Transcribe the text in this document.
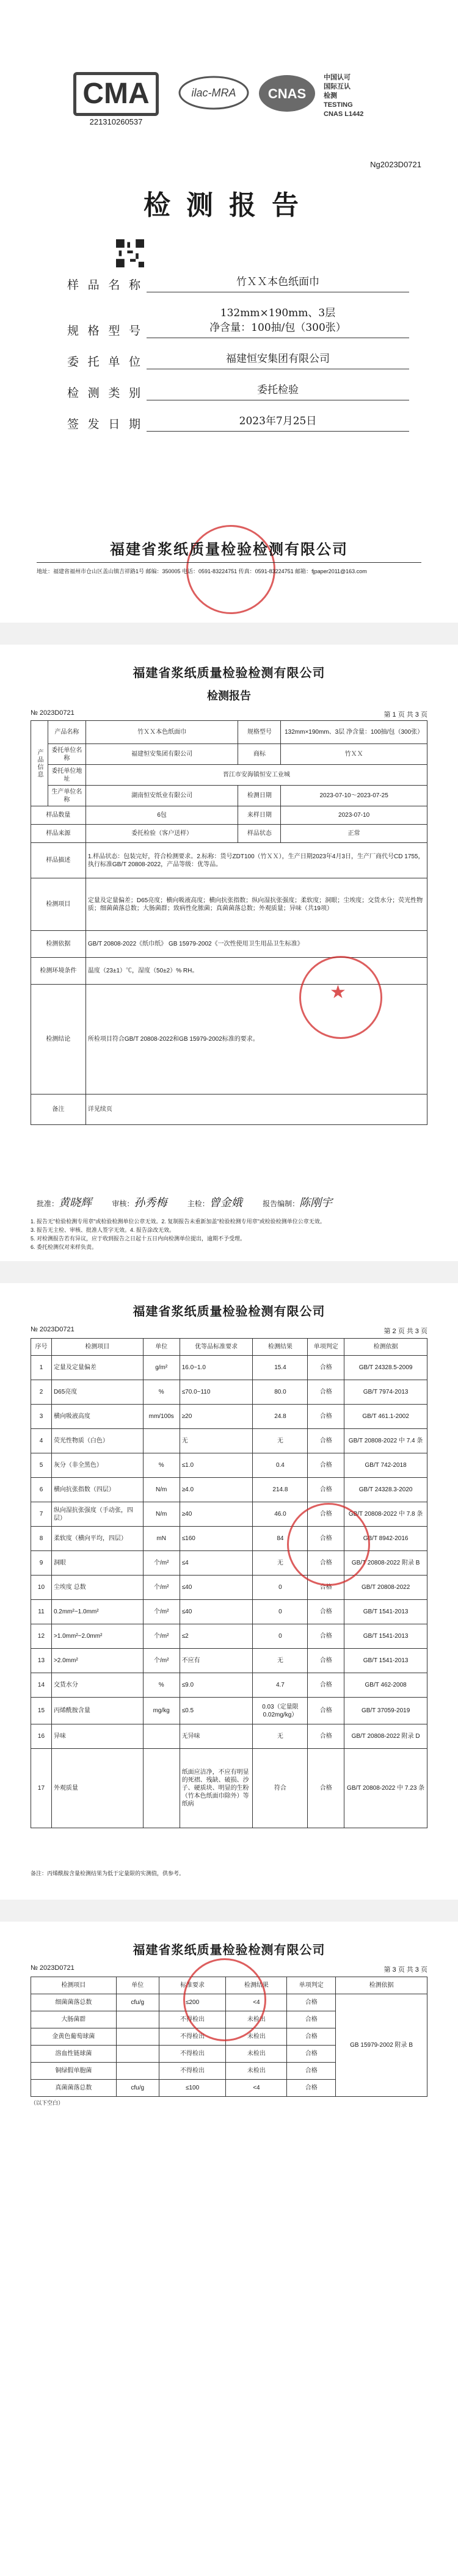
CMA
221310260537
ilac-MRA CNAS
中国认可
国际互认
检测
TESTING
CNAS L1442
Ng2023D0721
检测报告
样品名称	竹ＸＸ本色纸面巾
规格型号
132mm×190mm、3层
净含量：100抽/包（300张）
委托单位	福建恒安集团有限公司
检测类别	委托检验
签发日期	2023年7月25日
福建省浆纸质量检验检测有限公司
地址：福建省福州市仓山区盖山镇吉祥路1号 邮编：350005 电话：0591-83224751 传真：0591-83224751 邮箱：fjpaper2011@163.com
福建省浆纸质量检验检测有限公司
检测报告
№ 2023D0721	第 1 页 共 3 页
产品信息	产品名称	竹ＸＸ本色纸面巾	规格型号	132mm×190mm、3层 净含量：100抽/包（300张）
	委托单位名称	福建恒安集团有限公司	商标	竹ＸＸ
	委托单位地址	晋江市安海镇恒安工业城		
	生产单位名称	湖南恒安纸业有限公司	检测日期	2023-07-10～2023-07-25
样品数量		6包	来样日期	2023-07-10
样品来源		委托检验（客户送样）	样品状态	正常
样品描述		1.样品状态：包装完好，符合检测要求。2.标称：货号ZDT100（竹ＸＸ），生产日期2023年4月3日，生产厂商代号CD 1755，执行标准GB/T 20808-2022，产品等级：优等品。		
检测项目		定量及定量偏差；D65亮度；横向吸液高度；横向抗张指数；纵向湿抗张强度；柔软度；洞眼；尘埃度；交货水分；荧光性物质；细菌菌落总数；大肠菌群；致病性化脓菌；真菌菌落总数；外观质量；异味（共19项）		
检测依据		GB/T 20808-2022《纸巾纸》 GB 15979-2002《一次性使用卫生用品卫生标准》		
检测环境条件		温度（23±1）℃，湿度（50±2）% RH。		
检测结论		所检项目符合GB/T 20808-2022和GB 15979-2002标准的要求。		
备注		详见续页		
★
批准：黄晓辉	审核：孙秀梅	主检：曾金娥	报告编制：陈刚宇
1. 报告无"检验检测专用章"或检验检测单位公章无效。2. 复制报告未重新加盖"检验检测专用章"或检验检测单位公章无效。
3. 报告无主检、审核、批准人签字无效。4. 报告涂改无效。
5. 对检测报告若有异议，应于收到报告之日起十五日内向检测单位提出，逾期不予受理。
6. 委托检测仅对来样负责。
福建省浆纸质量检验检测有限公司
№ 2023D0721	第 2 页 共 3 页
序号	检测项目	单位	优等品标准要求	检测结果	单项判定	检测依据
1	定量及定量偏差	g/m²	16.0~1.0	15.4	合格	GB/T 24328.5-2009
2	D65亮度	%	≤70.0~110	80.0	合格	GB/T 7974-2013
3	横向吸液高度	mm/100s	≥20	24.8	合格	GB/T 461.1-2002
4	荧光性物质（白色）		无	无	合格	GB/T 20808-2022 中 7.4 条
5	灰分（非全黑色）	%	≤1.0	0.4	合格	GB/T 742-2018
6	横向抗张指数（四层）	N/m	≥4.0	214.8	合格	GB/T 24328.3-2020
7	纵向湿抗张强度（手动张，四层）	N/m	≥40	46.0	合格	GB/T 20808-2022 中 7.8 条
8	柔软度（横向平均，四层）	mN	≤160	84	合格	GB/T 8942-2016
9	洞眼	个/m²	≤4	无	合格	GB/T 20808-2022 附录 B
10	尘埃度 总数	个/m²	≤40	0	合格	GB/T 20808-2022
11	0.2mm²~1.0mm²	个/m²	≤40	0	合格	GB/T 1541-2013
12	>1.0mm²~2.0mm²	个/m²	≤2	0	合格	GB/T 1541-2013
13	>2.0mm²	个/m²	不应有	无	合格	GB/T 1541-2013
14	交货水分	%	≤9.0	4.7	合格	GB/T 462-2008
15	丙烯酰胺含量	mg/kg	≤0.5	0.03（定量限0.02mg/kg）	合格	GB/T 37059-2019
16	异味		无异味	无	合格	GB/T 20808-2022 附录 D
17	外观质量		纸面应洁净，不应有明显的死褶、残缺、破损、沙子、硬质块、明显的生粉（竹本色纸面巾除外）等纸病	符合	合格	GB/T 20808-2022 中 7.23 条
备注：丙烯酰胺含量检测结果为低于定量限的实测值，供参考。
福建省浆纸质量检验检测有限公司
№ 2023D0721	第 3 页 共 3 页
检测项目	单位	标准要求	检测结果	单项判定	检测依据
细菌菌落总数	cfu/g	≤200	<4	合格	GB 15979-2002 附录 B
大肠菌群		不得检出	未检出	合格	
金黄色葡萄球菌		不得检出	未检出	合格	
溶血性链球菌		不得检出	未检出	合格	
铜绿假单胞菌		不得检出	未检出	合格	
真菌菌落总数	cfu/g	≤100	<4	合格	
（以下空白）
